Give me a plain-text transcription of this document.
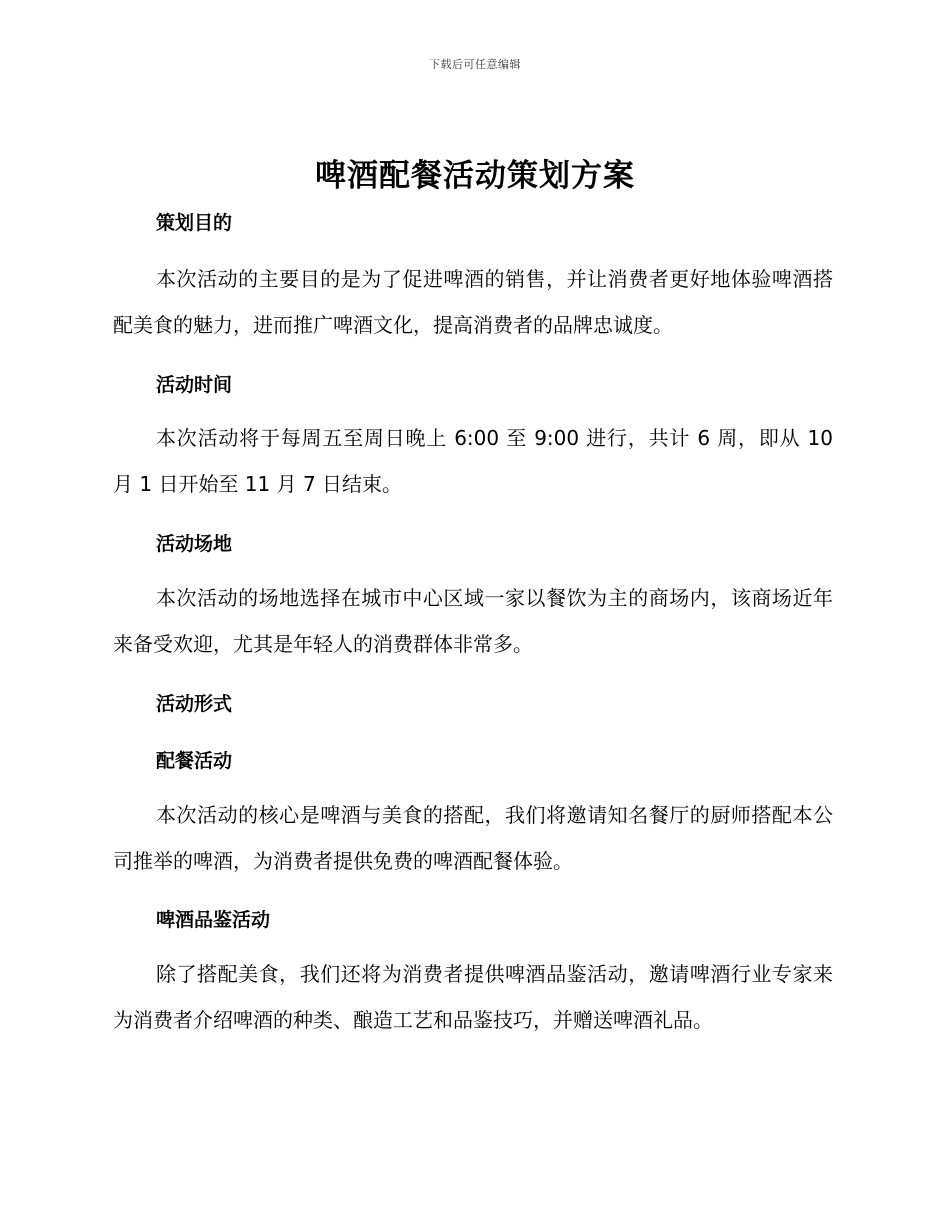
下载后可任意编辑
啤酒配餐活动策划方案
策划目的

本次活动的主要目的是为了促进啤酒的销售，并让消费者更好地体验啤酒搭配美食的魅力，进而推广啤酒文化，提高消费者的品牌忠诚度。

活动时间

本次活动将于每周五至周日晚上 6:00 至 9:00 进行，共计 6 周，即从 10 月 1 日开始至 11 月 7 日结束。

活动场地

本次活动的场地选择在城市中心区域一家以餐饮为主的商场内，该商场近年来备受欢迎，尤其是年轻人的消费群体非常多。

活动形式
配餐活动

本次活动的核心是啤酒与美食的搭配，我们将邀请知名餐厅的厨师搭配本公司推举的啤酒，为消费者提供免费的啤酒配餐体验。

啤酒品鉴活动

除了搭配美食，我们还将为消费者提供啤酒品鉴活动，邀请啤酒行业专家来为消费者介绍啤酒的种类、酿造工艺和品鉴技巧，并赠送啤酒礼品。
